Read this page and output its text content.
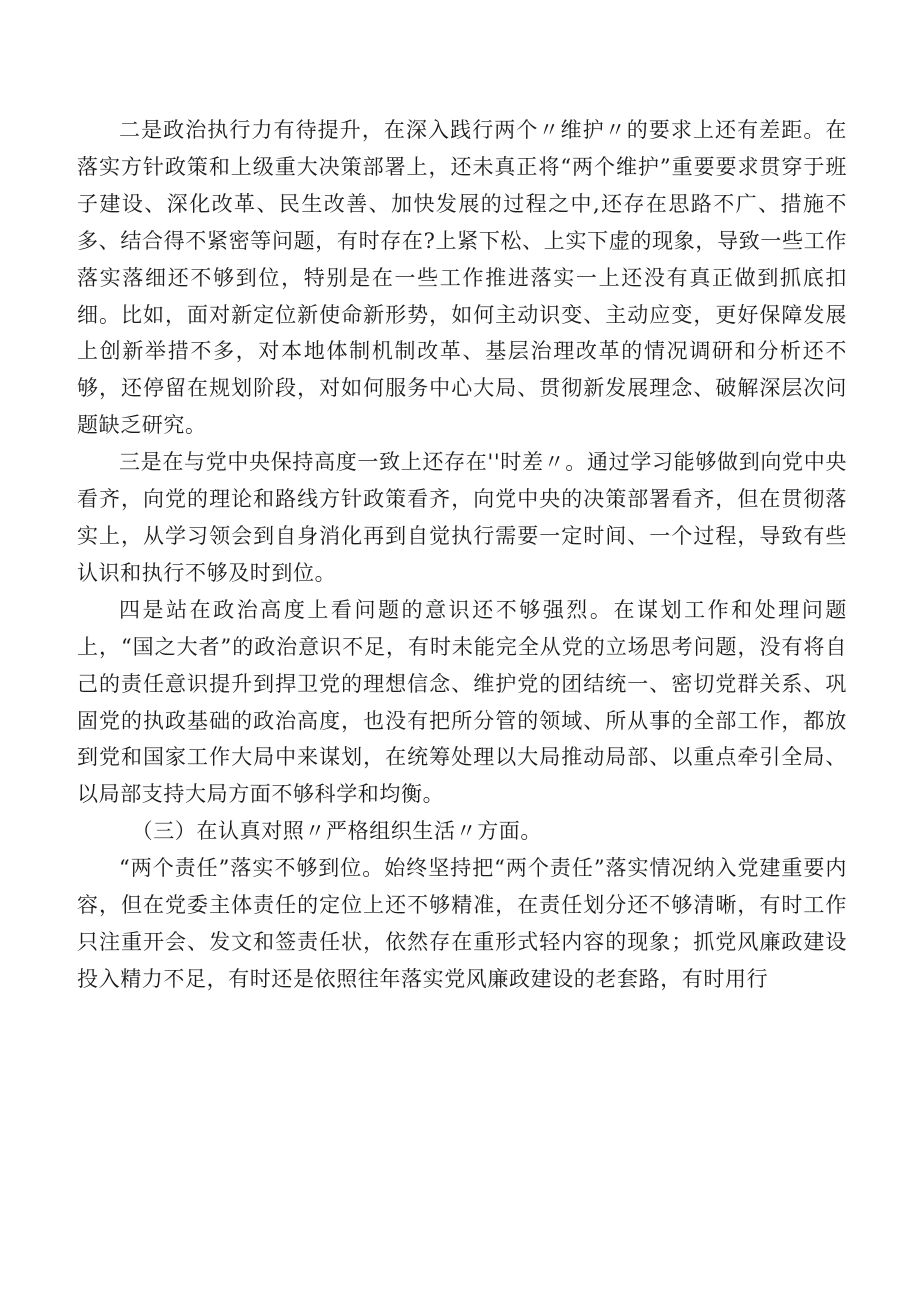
二是政治执行力有待提升，在深入践行两个〃维护〃的要求上还有差距。在落实方针政策和上级重大决策部署上，还未真正将“两个维护”重要要求贯穿于班子建设、深化改革、民生改善、加快发展的过程之中,还存在思路不广、措施不多、结合得不紧密等问题，有时存在?上紧下松、上实下虚的现象，导致一些工作落实落细还不够到位，特别是在一些工作推进落实一上还没有真正做到抓底扣细。比如，面对新定位新使命新形势，如何主动识变、主动应变，更好保障发展上创新举措不多，对本地体制机制改革、基层治理改革的情况调研和分析还不够，还停留在规划阶段，对如何服务中心大局、贯彻新发展理念、破解深层次问题缺乏研究。

三是在与党中央保持高度一致上还存在''时差〃。通过学习能够做到向党中央看齐，向党的理论和路线方针政策看齐，向党中央的决策部署看齐，但在贯彻落实上，从学习领会到自身消化再到自觉执行需要一定时间、一个过程，导致有些认识和执行不够及时到位。

四是站在政治高度上看问题的意识还不够强烈。在谋划工作和处理问题上，“国之大者”的政治意识不足，有时未能完全从党的立场思考问题，没有将自己的责任意识提升到捍卫党的理想信念、维护党的团结统一、密切党群关系、巩固党的执政基础的政治高度，也没有把所分管的领域、所从事的全部工作，都放到党和国家工作大局中来谋划，在统筹处理以大局推动局部、以重点牵引全局、以局部支持大局方面不够科学和均衡。

（三）在认真对照〃严格组织生活〃方面。

“两个责任”落实不够到位。始终坚持把“两个责任”落实情况纳入党建重要内容，但在党委主体责任的定位上还不够精准，在责任划分还不够清晰，有时工作只注重开会、发文和签责任状，依然存在重形式轻内容的现象；抓党风廉政建设投入精力不足，有时还是依照往年落实党风廉政建设的老套路，有时用行
